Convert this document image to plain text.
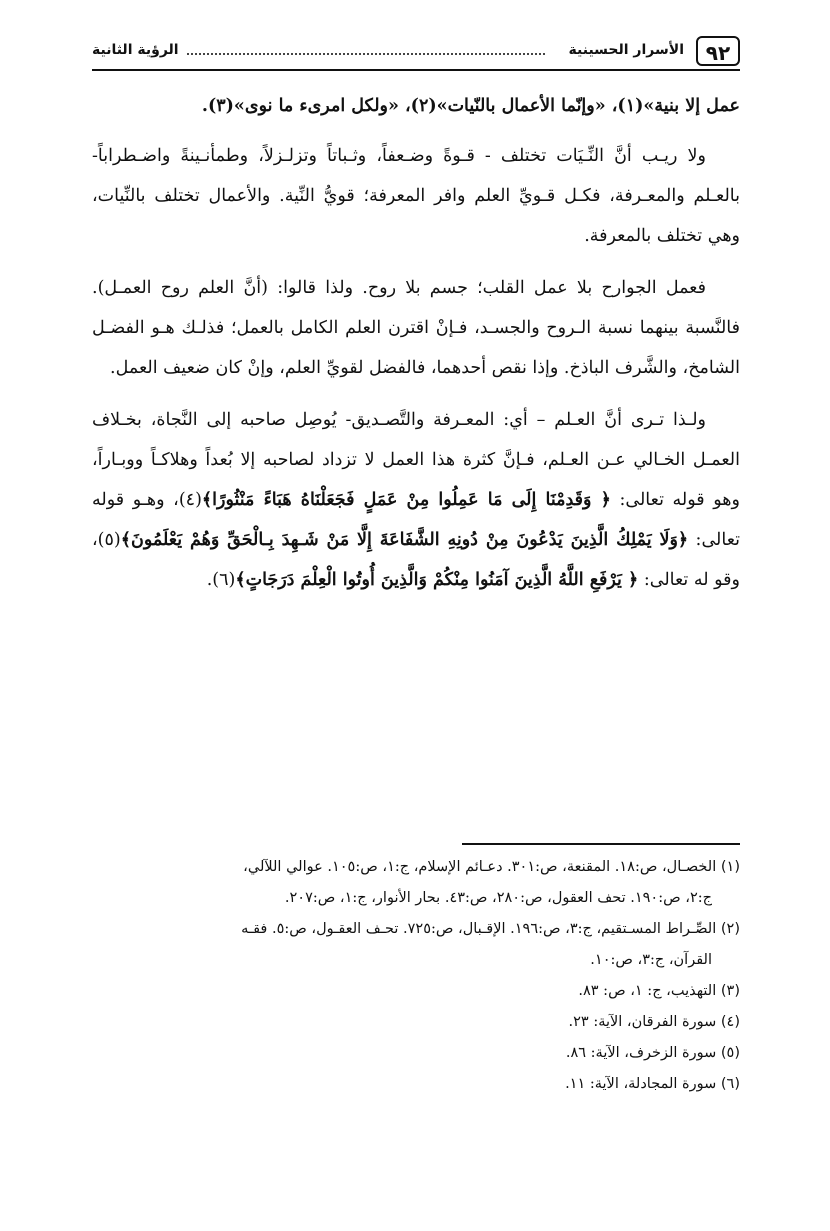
٩٢
الأسرار الحسينية
الرؤية الثانية

عمل إلا بنية»(١)، «وإنّما الأعمال بالنّيات»(٢)، «ولكل امرىء ما نوى»(٣).

ولا ريـب أنَّ النِّـيَات تختلف - قـوةً وضـعفاً، وثـباتاً وتزلـزلاً، وطمأنـينةً واضـطراباً- بالعـلم والمعـرفة، فكـل قـويِّ العلم وافر المعرفة؛ قويُّ النِّية. والأعمال تختلف بالنِّيات، وهي تختلف بالمعرفة.

فعمل الجوارح بلا عمل القلب؛ جسم بلا روح. ولذا قالوا: (أنَّ العلم روح العمـل). فالنَّسبة بينهما نسبة الـروح والجسـد، فـإنْ اقترن العلم الكامل بالعمل؛ فذلـك هـو الفضـل الشامخ، والشَّرف الباذخ. وإذا نقص أحدهما، فالفضل لقويِّ العلم، وإنْ كان ضعيف العمل.

ولـذا تـرى أنَّ العـلم – أي: المعـرفة والتَّصـديق- يُوصِل صاحبه إلى النَّجاة، بخـلاف العمـل الخـالي عـن العـلم، فـإنَّ كثرة هذا العمل لا تزداد لصاحبه إلا بُعداً وهلاكـاً ووبـاراً، وهو قوله تعالى: ﴿ وَقَدِمْنَا إِلَى مَا عَمِلُوا مِنْ عَمَلٍ فَجَعَلْنَاهُ هَبَاءً مَنْثُورًا﴾(٤)، وهـو قوله تعالى: ﴿وَلَا يَمْلِكُ الَّذِينَ يَدْعُونَ مِنْ دُونِهِ الشَّفَاعَةَ إِلَّا مَنْ شَـهِدَ بِـالْحَقِّ وَهُمْ يَعْلَمُونَ﴾(٥)، وقو له تعالى: ﴿ يَرْفَعِ اللَّهُ الَّذِينَ آمَنُوا مِنْكُمْ وَالَّذِينَ أُوتُوا الْعِلْمَ دَرَجَاتٍ﴾(٦).

(١) الخصـال، ص:١٨. المقنعة، ص:٣٠١. دعـائم الإسلام، ج:١، ص:١٠٥. عوالي اللآلي،
ج:٢، ص:١٩٠. تحف العقول، ص:٢٨٠، ص:٤٣. بحار الأنوار، ج:١، ص:٢٠٧.

(٢) الصِّـراط المسـتقيم، ج:٣، ص:١٩٦. الإقـبال، ص:٧٢٥. تحـف العقـول، ص:٥. فقـه
القرآن، ج:٣، ص:١٠.

(٣) التهذيب، ج: ١، ص: ٨٣.

(٤) سورة الفرقان، الآية: ٢٣.

(٥) سورة الزخرف، الآية: ٨٦.

(٦) سورة المجادلة، الآية: ١١.
